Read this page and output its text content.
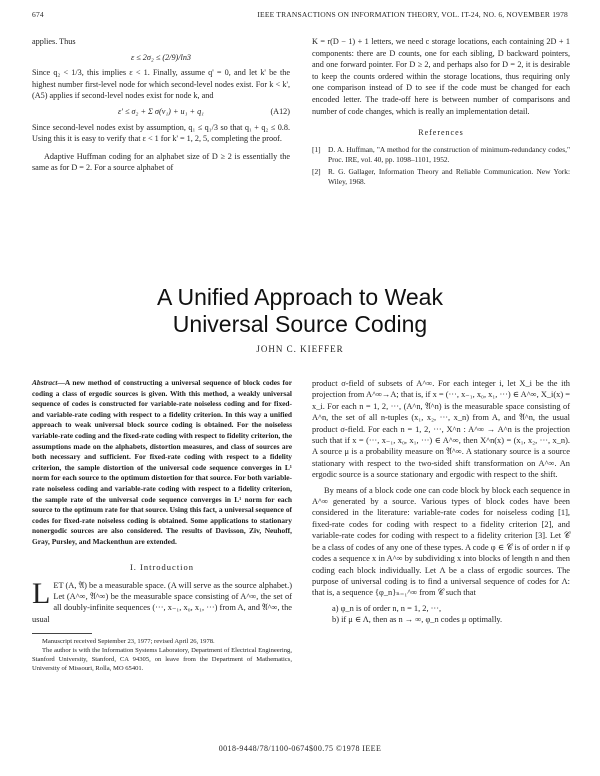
674	IEEE TRANSACTIONS ON INFORMATION THEORY, VOL. IT-24, NO. 6, NOVEMBER 1978

applies. Thus

ε ≤ 2σ₂ ≤ (2/9)/ln3

Since q₂ < 1/3, this implies ε < 1. Finally, assume q' = 0, and let k' be the highest number first-level node for which second-level nodes exist. For k < k', (A5) applies if second-level nodes exist for node k, and

ε' ≤ σ₂ + Σ σ(ν₁) + u₁ + q₁	(A12)

Since second-level nodes exist by assumption, q₁ ≤ q₁/3 so that q₁ + q₂ ≤ 0.8. Using this it is easy to verify that ε < 1 for k' = 1, 2, 5, completing the proof.

Adaptive Huffman coding for an alphabet size of D ≥ 2 is essentially the same as for D = 2. For a source alphabet of

K = r(D − 1) + 1 letters, we need c storage locations, each containing 2D + 1 components: there are D counts, one for each sibling, D backward pointers, and one forward pointer. For D ≥ 2, and perhaps also for D = 2, it is desirable to keep the counts ordered within the storage locations, thus requiring only one comparison instead of D to see if the code must be changed for each encoded letter. The trade-off here is between number of comparisons and number of code changes, which is really an implementation detail.

References
[1] D. A. Huffman, "A method for the construction of minimum-redundancy codes," Proc. IRE, vol. 40, pp. 1098–1101, 1952.
[2] R. G. Gallager, Information Theory and Reliable Communication. New York: Wiley, 1968.
A Unified Approach to Weak
Universal Source Coding
JOHN C. KIEFFER
Abstract—A new method of constructing a universal sequence of block codes for coding a class of ergodic sources is given. With this method, a weakly universal sequence of codes is constructed for variable-rate noiseless coding and for fixed- and variable-rate coding with respect to a fidelity criterion. In this way a unified approach to weak universal block source coding is obtained. For the noiseless variable-rate coding and the fixed-rate coding with respect to fidelity criterion, the assumptions made on the alphabets, distortion measures, and class of sources are both necessary and sufficient. For fixed-rate coding with respect to a fidelity criterion, the sample distortion of the universal code sequence converges in L¹ norm for each source to the optimum distortion for that source. For both variable-rate noiseless coding and variable-rate coding with respect to a fidelity criterion, the sample rate of the universal code sequence converges in L¹ norm for each source to the optimum rate for that source. Using this fact, a universal sequence of codes for fixed-rate noiseless coding is obtained. Some applications to stationary nonergodic sources are also considered. The results of Davisson, Ziv, Neuhoff, Gray, Pursley, and Mackenthun are extended.
I. Introduction
LET (A, 𝔄) be a measurable space. (A will serve as the source alphabet.) Let (A^∞, 𝔄^∞) be the measurable space consisting of A^∞, the set of all doubly-infinite sequences (···, x₋₁, x₀, x₁, ···) from A, and 𝔄^∞, the usual
Manuscript received September 23, 1977; revised April 26, 1978.
The author is with the Information Systems Laboratory, Department of Electrical Engineering, Stanford University, Stanford, CA 94305, on leave from the Department of Mathematics, University of Missouri, Rolla, MO 65401.

product σ-field of subsets of A^∞. For each integer i, let X_i be the ith projection from A^∞→A; that is, if x = (···, x₋₁, x₀, x₁, ···) ∈ A^∞, X_i(x) = x_i. For each n = 1, 2, ···, (A^n, 𝔄^n) is the measurable space consisting of A^n, the set of all n-tuples (x₁, x₂, ···, x_n) from A, and 𝔄^n, the usual product σ-field. For each n = 1, 2, ···, X^n : A^∞ → A^n is the projection such that if x = (···, x₋₁, x₀, x₁, ···) ∈ A^∞, then X^n(x) = (x₁, x₂, ···, x_n). A source μ is a probability measure on 𝔄^∞. A stationary source is a source stationary with respect to the two-sided shift transformation on A^∞. An ergodic source is a source stationary and ergodic with respect to the shift.

By means of a block code one can code block by block each sequence in A^∞ generated by a source. Various types of block codes have been considered in the literature: variable-rate codes for noiseless coding [1], fixed-rate codes for coding with respect to a fidelity criterion [2], and variable-rate codes for coding with respect to a fidelity criterion [3]. Let 𝒞 be a class of codes of any one of these types. A code φ ∈ 𝒞 is of order n if φ codes a sequence x in A^∞ by subdividing x into blocks of length n and then coding each block individually. Let Λ be a class of ergodic sources. The purpose of universal coding is to find a universal sequence of codes for Λ: that is, a sequence {φ_n}ₙ₌₁^∞ from 𝒞 such that

a) φ_n is of order n, n = 1, 2, ···,

b) if μ ∈ Λ, then as n → ∞, φ_n codes μ optimally.

0018-9448/78/1100-0674$00.75 ©1978 IEEE
